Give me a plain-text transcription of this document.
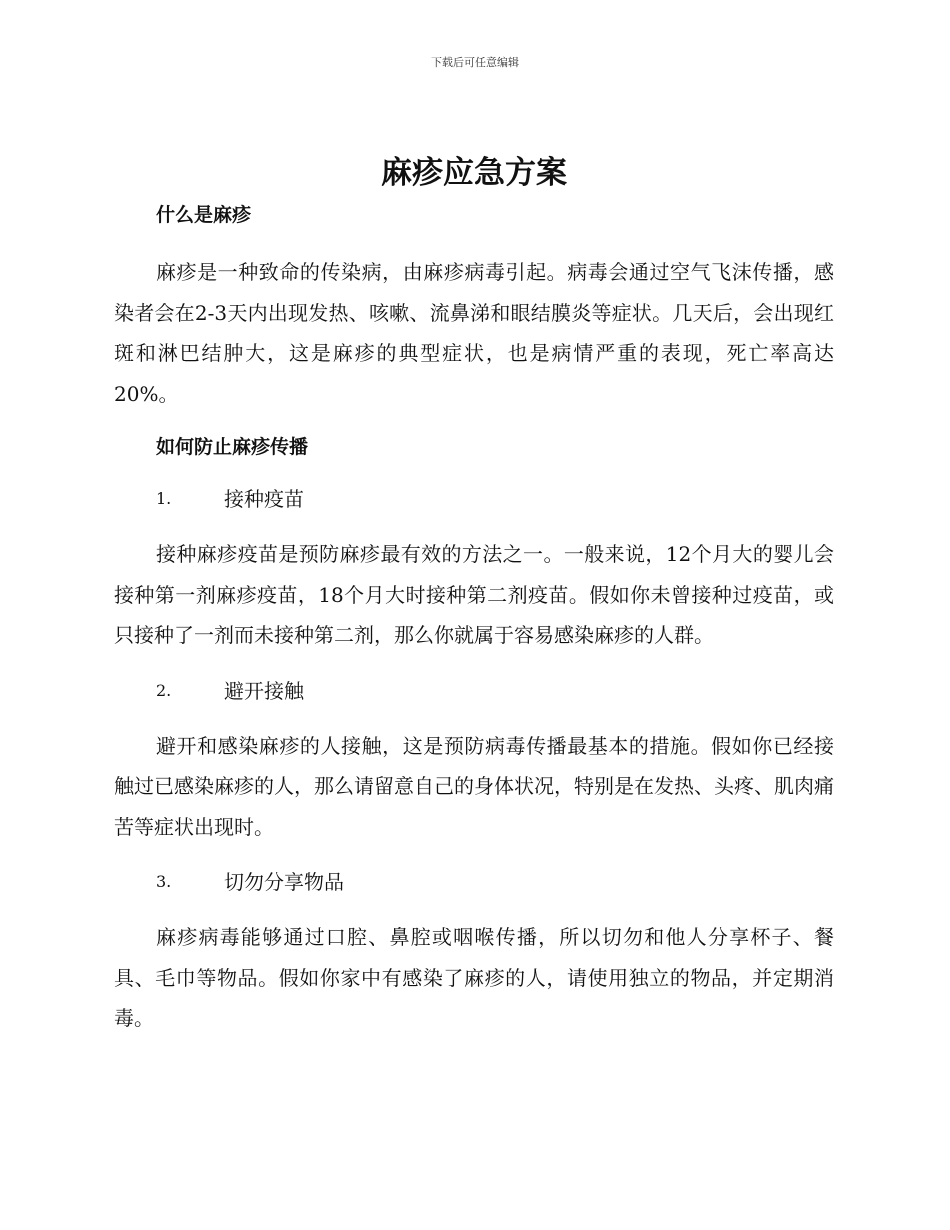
下载后可任意编辑
麻疹应急方案
什么是麻疹

麻疹是一种致命的传染病，由麻疹病毒引起。病毒会通过空气飞沫传播，感染者会在2-3天内出现发热、咳嗽、流鼻涕和眼结膜炎等症状。几天后，会出现红斑和淋巴结肿大，这是麻疹的典型症状，也是病情严重的表现，死亡率高达20%。

如何防止麻疹传播
1.	接种疫苗

接种麻疹疫苗是预防麻疹最有效的方法之一。一般来说，12个月大的婴儿会接种第一剂麻疹疫苗，18个月大时接种第二剂疫苗。假如你未曾接种过疫苗，或只接种了一剂而未接种第二剂，那么你就属于容易感染麻疹的人群。

2.	避开接触

避开和感染麻疹的人接触，这是预防病毒传播最基本的措施。假如你已经接触过已感染麻疹的人，那么请留意自己的身体状况，特别是在发热、头疼、肌肉痛苦等症状出现时。

3.	切勿分享物品

麻疹病毒能够通过口腔、鼻腔或咽喉传播，所以切勿和他人分享杯子、餐具、毛巾等物品。假如你家中有感染了麻疹的人，请使用独立的物品，并定期消毒。
